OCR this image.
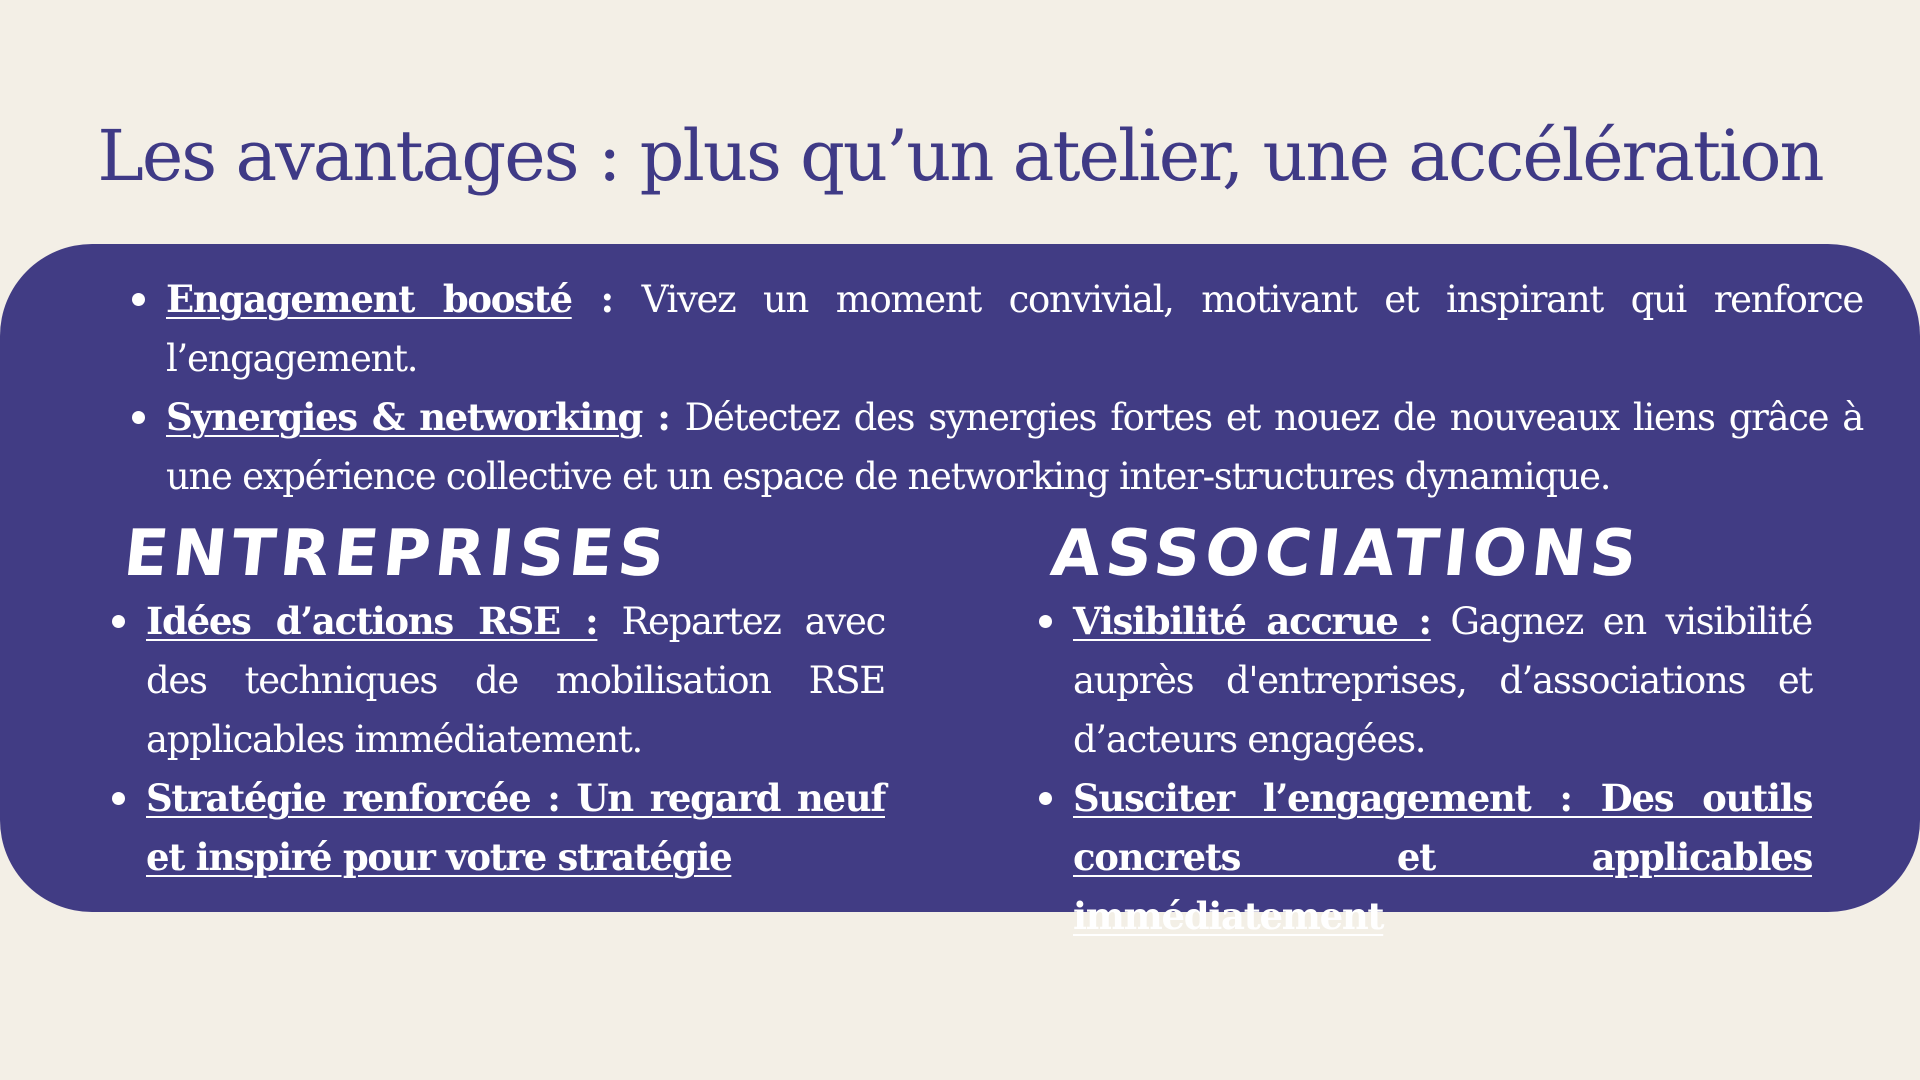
Les avantages : plus qu’un atelier, une accélération
Engagement boosté : Vivez un moment convivial, motivant et inspirant qui renforce l’engagement.
Synergies & networking : Détectez des synergies fortes et nouez de nouveaux liens grâce à une expérience collective et un espace de networking inter-structures dynamique.
ENTREPRISES
Idées d’actions RSE : Repartez avec des techniques de mobilisation RSE applicables immédiatement.
Stratégie renforcée : Un regard neuf et inspiré pour votre stratégie
ASSOCIATIONS
Visibilité accrue : Gagnez en visibilité auprès d'entreprises, d’associations et d’acteurs engagées.
Susciter l’engagement : Des outils concrets et applicables immédiatement
